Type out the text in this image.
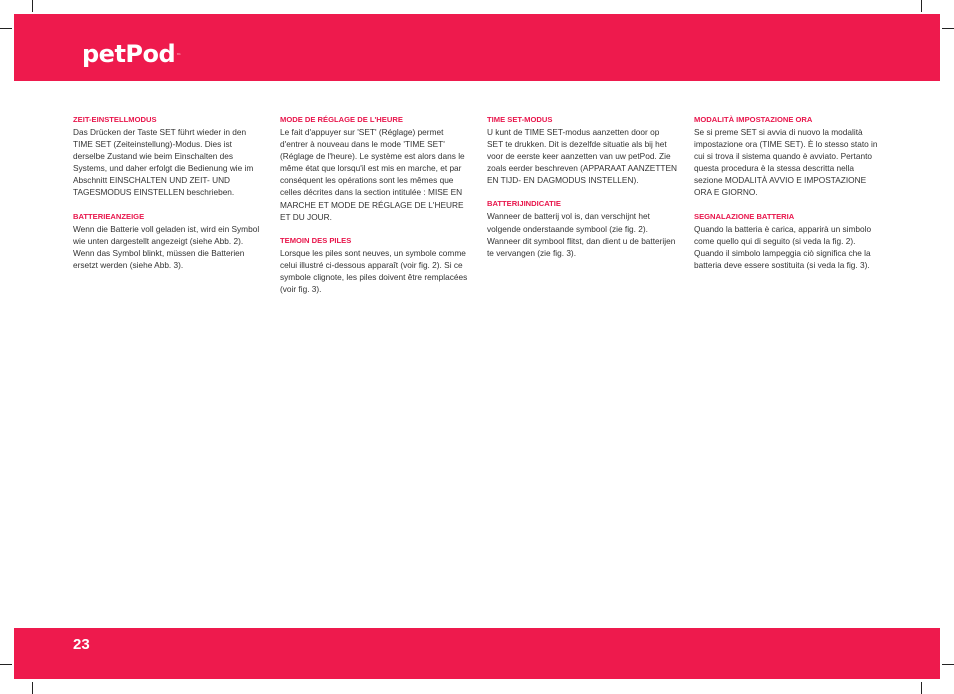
petPod™
ZEIT-EINSTELLMODUS

Das Drücken der Taste SET führt wieder in den TIME SET (Zeiteinstellung)-Modus. Dies ist derselbe Zustand wie beim Einschalten des Systems, und daher erfolgt die Bedienung wie im Abschnitt EINSCHALTEN UND ZEIT- UND TAGESMODUS EINSTELLEN beschrieben.

BATTERIEANZEIGE

Wenn die Batterie voll geladen ist, wird ein Symbol wie unten dargestellt angezeigt (siehe Abb. 2). Wenn das Symbol blinkt, müssen die Batterien ersetzt werden (siehe Abb. 3).

MODE DE RÉGLAGE DE L'HEURE

Le fait d'appuyer sur 'SET' (Réglage) permet d'entrer à nouveau dans le mode 'TIME SET' (Réglage de l'heure). Le système est alors dans le même état que lorsqu'il est mis en marche, et par conséquent les opérations sont les mêmes que celles décrites dans la section intitulée : MISE EN MARCHE ET MODE DE RÉGLAGE DE L'HEURE ET DU JOUR.

TEMOIN DES PILES

Lorsque les piles sont neuves, un symbole comme celui illustré ci-dessous apparaît (voir fig. 2). Si ce symbole clignote, les piles doivent être remplacées (voir fig. 3).

TIME SET-MODUS

U kunt de TIME SET-modus aanzetten door op SET te drukken. Dit is dezelfde situatie als bij het voor de eerste keer aanzetten van uw petPod. Zie zoals eerder beschreven (APPARAAT AANZETTEN EN TIJD- EN DAGMODUS INSTELLEN).

BATTERIJINDICATIE

Wanneer de batterij vol is, dan verschijnt het volgende onderstaande symbool (zie fig. 2). Wanneer dit symbool flitst, dan dient u de batterijen te vervangen (zie fig. 3).

MODALITÀ IMPOSTAZIONE ORA

Se si preme SET si avvia di nuovo la modalità impostazione ora (TIME SET). È lo stesso stato in cui si trova il sistema quando è avviato. Pertanto questa procedura è la stessa descritta nella sezione MODALITÀ AVVIO E IMPOSTAZIONE ORA E GIORNO.

SEGNALAZIONE BATTERIA

Quando la batteria è carica, apparirà un simbolo come quello qui di seguito (si veda la fig. 2). Quando il simbolo lampeggia ciò significa che la batteria deve essere sostituita (si veda la fig. 3).

23
